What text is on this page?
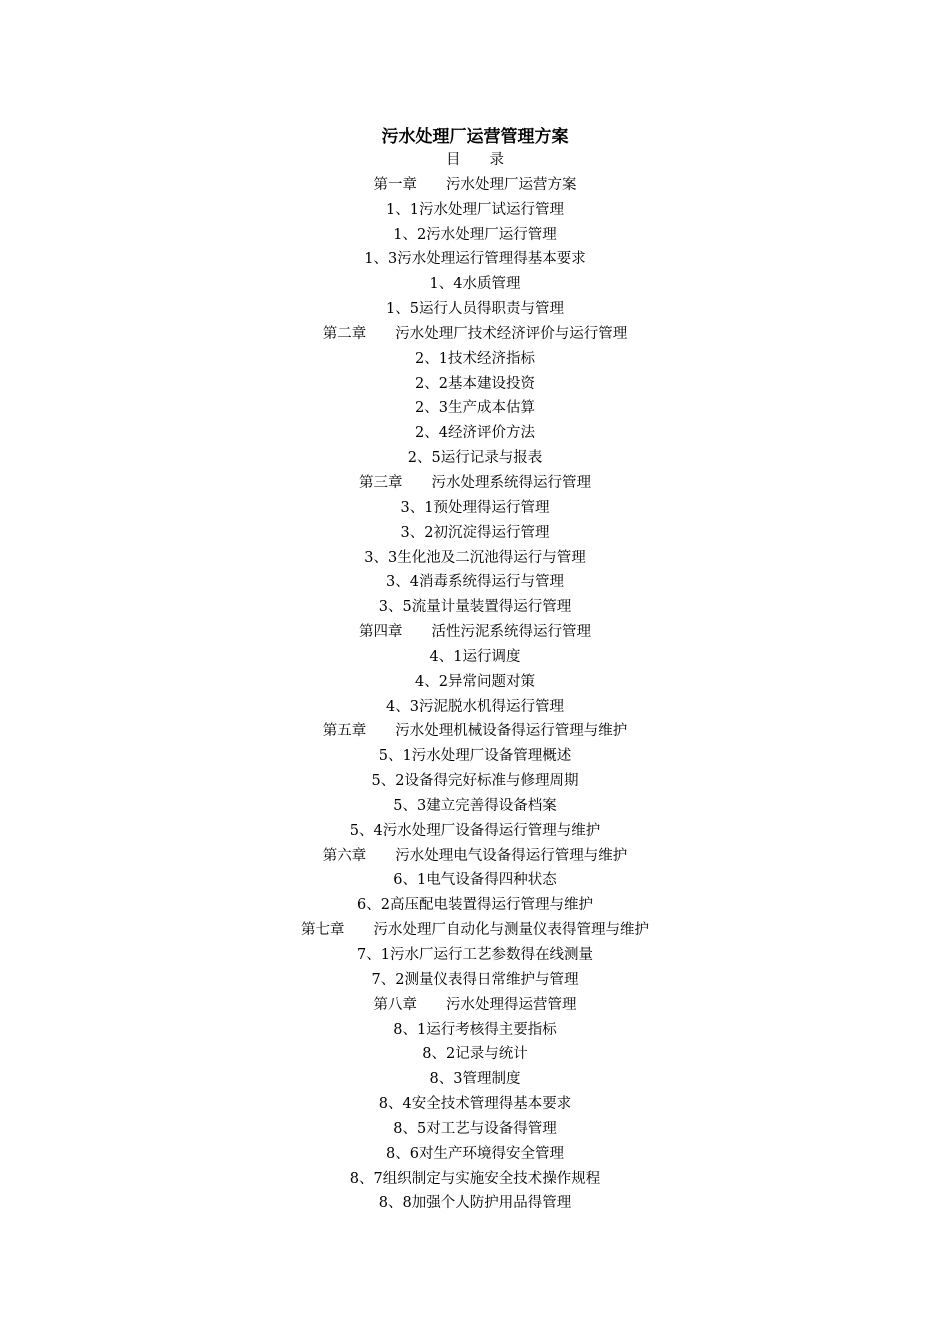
污水处理厂运营管理方案
目　　录
第一章　　污水处理厂运营方案
1、1污水处理厂试运行管理
1、2污水处理厂运行管理
1、3污水处理运行管理得基本要求
1、4水质管理
1、5运行人员得职责与管理
第二章　　污水处理厂技术经济评价与运行管理
2、1技术经济指标
2、2基本建设投资
2、3生产成本估算
2、4经济评价方法
2、5运行记录与报表
第三章　　污水处理系统得运行管理
3、1预处理得运行管理
3、2初沉淀得运行管理
3、3生化池及二沉池得运行与管理
3、4消毒系统得运行与管理
3、5流量计量装置得运行管理
第四章　　活性污泥系统得运行管理
4、1运行调度
4、2异常问题对策
4、3污泥脱水机得运行管理
第五章　　污水处理机械设备得运行管理与维护
5、1污水处理厂设备管理概述
5、2设备得完好标准与修理周期
5、3建立完善得设备档案
5、4污水处理厂设备得运行管理与维护
第六章　　污水处理电气设备得运行管理与维护
6、1电气设备得四种状态
6、2高压配电装置得运行管理与维护
第七章　　污水处理厂自动化与测量仪表得管理与维护
7、1污水厂运行工艺参数得在线测量
7、2测量仪表得日常维护与管理
第八章　　污水处理得运营管理
8、1运行考核得主要指标
8、2记录与统计
8、3管理制度
8、4安全技术管理得基本要求
8、5对工艺与设备得管理
8、6对生产环境得安全管理
8、7组织制定与实施安全技术操作规程
8、8加强个人防护用品得管理
